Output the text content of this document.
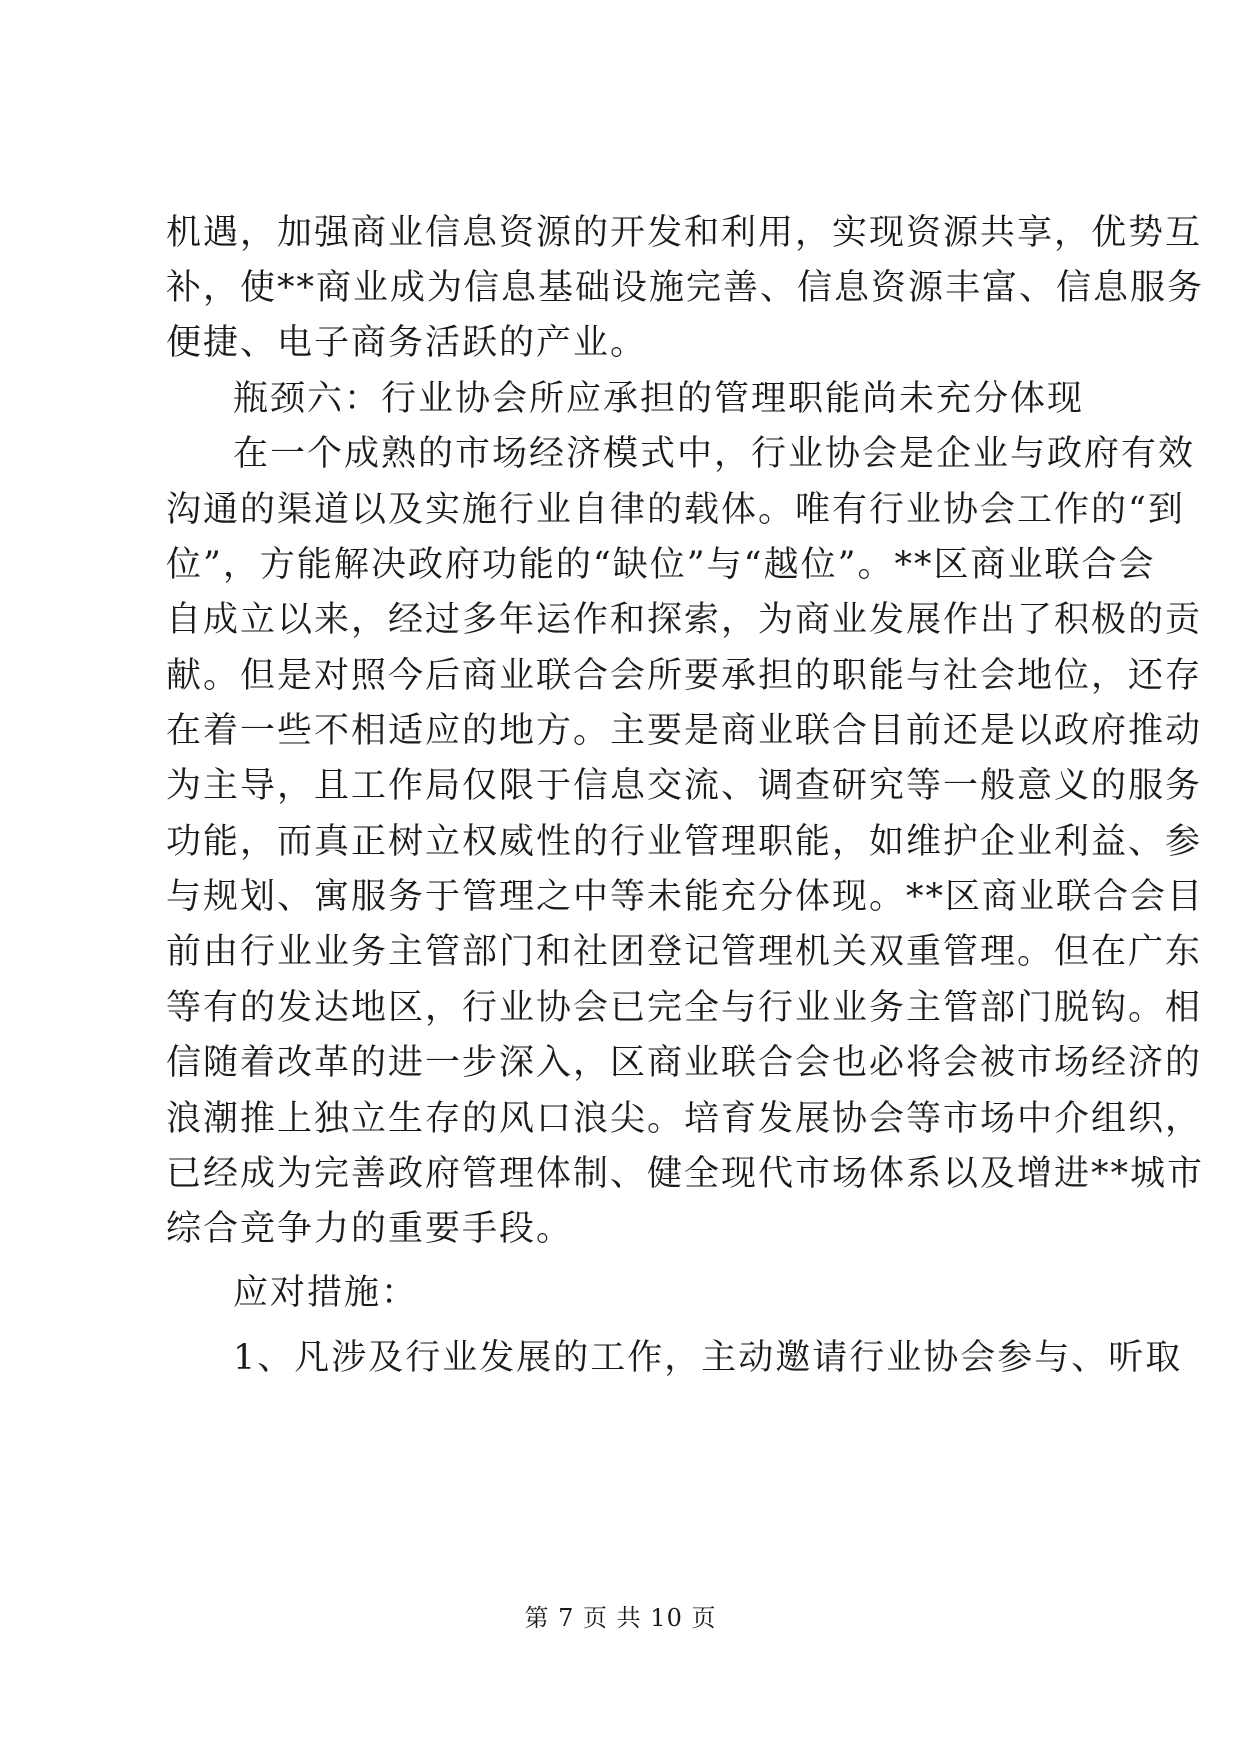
机遇，加强商业信息资源的开发和利用，实现资源共享，优势互
补，使**商业成为信息基础设施完善、信息资源丰富、信息服务
便捷、电子商务活跃的产业。
瓶颈六：行业协会所应承担的管理职能尚未充分体现
在一个成熟的市场经济模式中，行业协会是企业与政府有效
沟通的渠道以及实施行业自律的载体。唯有行业协会工作的“到
位”，方能解决政府功能的“缺位”与“越位”。**区商业联合会
自成立以来，经过多年运作和探索，为商业发展作出了积极的贡
献。但是对照今后商业联合会所要承担的职能与社会地位，还存
在着一些不相适应的地方。主要是商业联合目前还是以政府推动
为主导，且工作局仅限于信息交流、调查研究等一般意义的服务
功能，而真正树立权威性的行业管理职能，如维护企业利益、参
与规划、寓服务于管理之中等未能充分体现。**区商业联合会目
前由行业业务主管部门和社团登记管理机关双重管理。但在广东
等有的发达地区，行业协会已完全与行业业务主管部门脱钩。相
信随着改革的进一步深入，区商业联合会也必将会被市场经济的
浪潮推上独立生存的风口浪尖。培育发展协会等市场中介组织，
已经成为完善政府管理体制、健全现代市场体系以及增进**城市
综合竞争力的重要手段。
应对措施：
1、凡涉及行业发展的工作，主动邀请行业协会参与、听取
第 7 页 共 10 页
